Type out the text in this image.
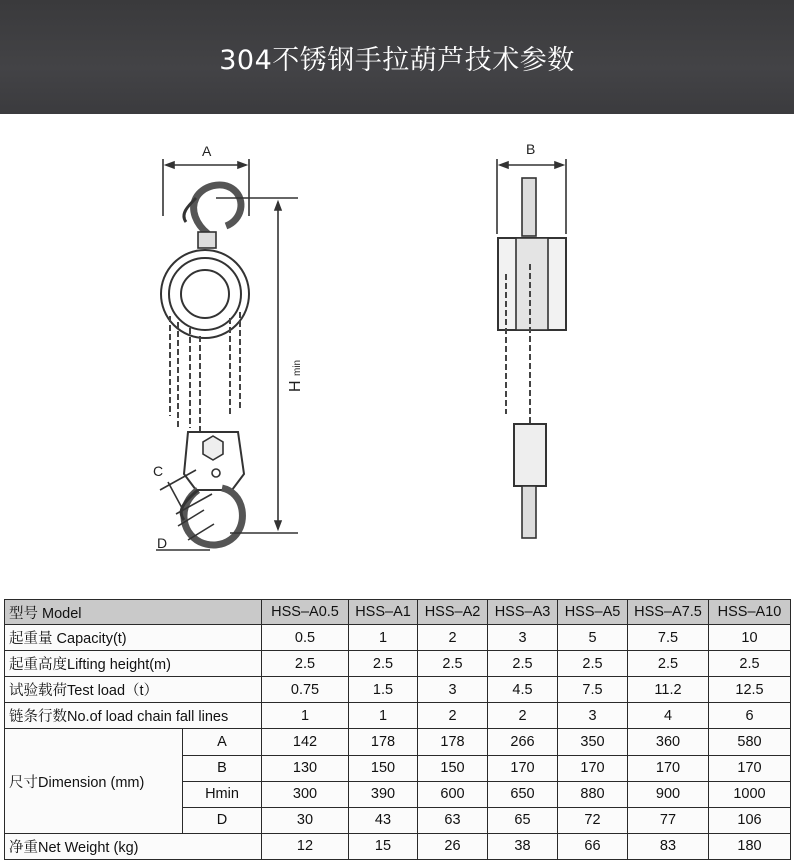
304不锈钢手拉葫芦技术参数
A	B
C
D
H
min
型号 Model		HSS–A0.5	HSS–A1	HSS–A2	HSS–A3	HSS–A5	HSS–A7.5	HSS–A10
起重量 Capacity(t)		0.5	1	2	3	5	7.5	10
起重高度Lifting height(m)		2.5	2.5	2.5	2.5	2.5	2.5	2.5
试验载荷Test load（t）		0.75	1.5	3	4.5	7.5	11.2	12.5
链条行数No.of load chain fall lines		1	1	2	2	3	4	6
尺寸Dimension (mm)	A	142	178	178	266	350	360	580
	B	130	150	150	170	170	170	170
	Hmin	300	390	600	650	880	900	1000
	D	30	43	63	65	72	77	106
净重Net Weight (kg)		12	15	26	38	66	83	180
